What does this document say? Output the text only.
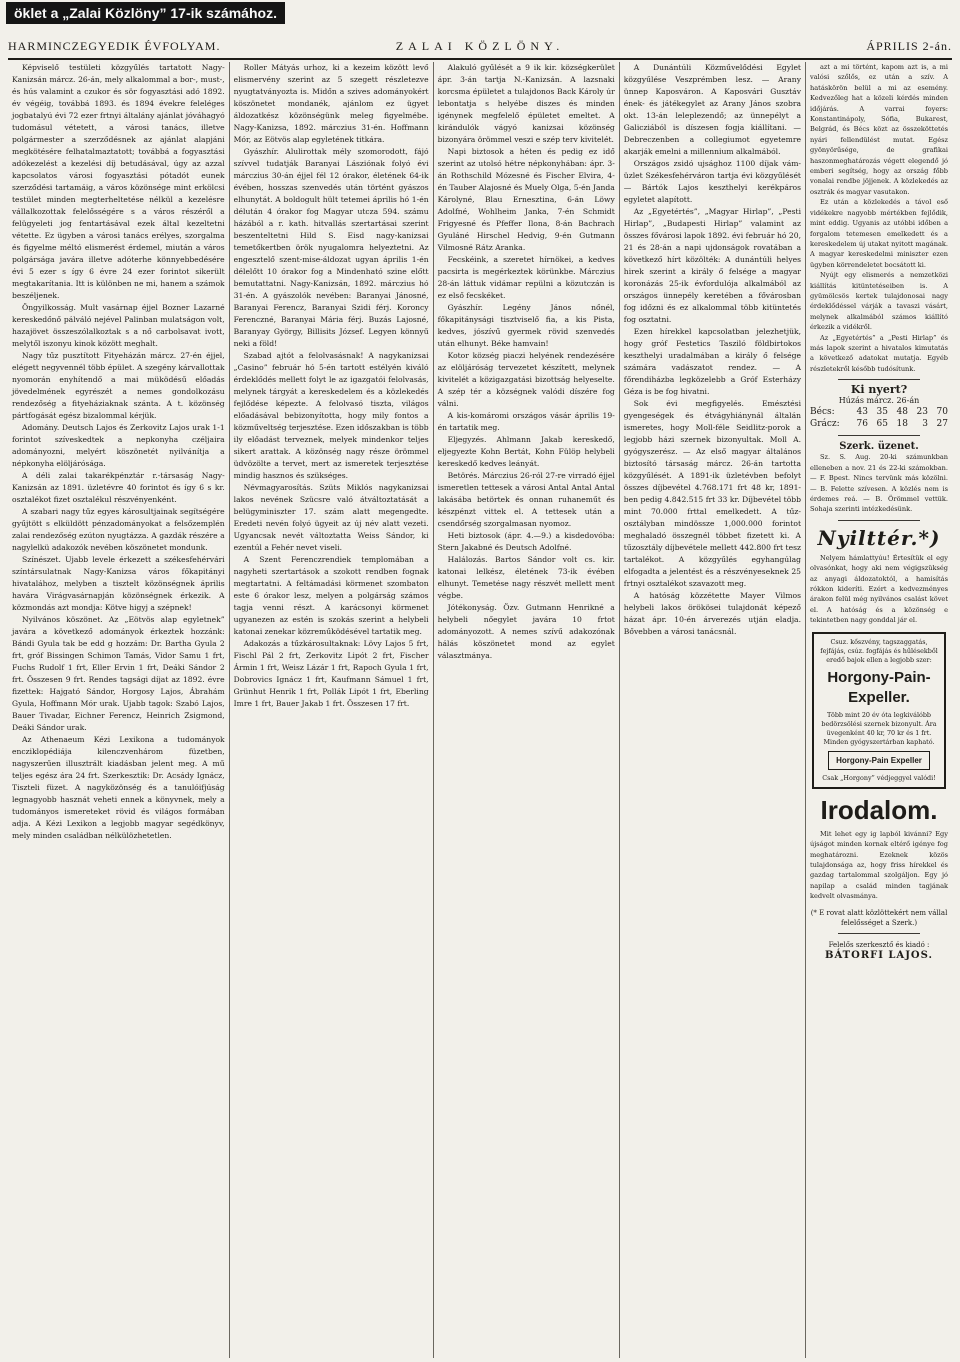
öklet a „Zalai Közlöny” 17-ik számához.
HARMINCZEGYEDIK ÉVFOLYAM.	ZALAI KÖZLÖNY.	ÁPRILIS 2-án.

Képviselő testületi közgyűlés tartatott Nagy-Kanizsán márcz. 26-án, mely alkalommal a bor-, must-, és hús valamint a czukor és sör fogyasztási adó 1892. év végéig, továbbá 1893. és 1894 évekre feleléges jogbatalyú évi 72 ezer frtnyi általány ajánlat jóváhagyó tudomásul vétetett, a városi tanács, illetve polgármester a szerződésnek az ajánlat alapjáni megkötésére felhatalmaztatott; továbbá a fogyasztási adókezelést a kezelési díj betudásával, úgy az azzal kapcsolatos városi fogyasztási pótadót eunek szerződési tartamáig, a város közönsége mint erkölcsi testület minden megterheltetése nélkül a kezelésre vállalkozottak felelősségére s a város részéről a felügyeleti jog fentartásával ezek által kezeltetni vétette. Ez ügyben a városi tanács erélyes, szorgalma és figyelme méltó elismerést érdemel, miután a város polgársága javára illetve adóterhe könnyebbedésére évi 5 ezer s így 6 évre 24 ezer forintot sikerült megtakarítania. Itt is különben ne mi, hanem a számok beszéljenek.

Öngyilkosság. Mult vasárnap éjjel Bozner Lazarné kereskedőnő pálváló nejével Palinban mulatságon volt, hazajövet összeszólalkoztak s a nő carbolsavat ivott, melytől iszonyu kinok között meghalt.

Nagy tűz pusztított Fityeházán márcz. 27-én éjjel, elégett negyvennél több épület. A szegény kárvallottak nyomorán enyhítendő a mai müködésű előadás jövedelmének egyrészét a nemes gondolkozásu rendezőség a fityeháziaknak szánta. A t. közönség pártfogását egész bizalommal kérjük.

Adomány. Deutsch Lajos és Zerkovitz Lajos urak 1-1 forintot szíveskedtek a nepkonyha czéljaira adományozni, melyért köszönetét nyilvánítja a népkonyha elöljárósága.

A déli zalai takarékpénztár r.-társaság Nagy-Kanizsán az 1891. üzletévre 40 forintot és így 6 s kr. osztalékot fizet osztalékul részvényenként.

A szabari nagy tűz egyes károsultjainak segítségére gyűjtött s elküldött pénzadományokat a felsőzemplén zalai rendezőség ezúton nyugtázza. A gazdák részére a nagylelkü adakozók nevében köszönetet mondunk.

Színészet. Ujabb levele érkezett a székesfehérvári színtársulatnak Nagy-Kanizsa város főkapitányi hivatalához, melyben a tisztelt közönségnek április havára Virágvasárnapján közönségnek érkezik. A közmondás azt mondja: Kötve higyj a szépnek!

Nyilvános köszönet. Az „Eötvös alap egyletnek” javára a következő adományok érkeztek hozzánk: Bándi Gyula tak be edd g hozzám: Dr. Bartha Gyula 2 frt, gróf Bissingen Schimon Tamás, Vidor Samu 1 frt, Fuchs Rudolf 1 frt, Eller Ervin 1 frt, Deáki Sándor 2 frt. Összesen 9 frt. Rendes tagsági díjat az 1892. évre fizettek: Hajgató Sándor, Horgosy Lajos, Ábrahám Gyula, Hoffmann Mór urak. Ujabb tagok: Szabó Lajos, Bauer Tivadar, Eichner Ferencz, Heinrich Zsigmond, Deáki Sándor urak.

Az Athenaeum Kézi Lexikona a tudományok encziklopédiája kilenczvenhárom füzetben, nagyszerűen illusztrált kiadásban jelent meg. A mű teljes egész ára 24 frt. Szerkesztik: Dr. Acsády Ignácz, Tiszteli füzet. A nagyközönség és a tanulóifjúság legnagyobb hasznát veheti ennek a könyvnek, mely a tudományos ismereteket rövid és világos formában adja. A Kézi Lexikon a legjobb magyar segédkönyv, mely minden családban nélkülözhetetlen.

Roller Mátyás urhoz, ki a kezeim között levő elismervény szerint az 5 szegett részletezve nyugtatványozta is. Midőn a szives adományokért köszönetet mondanék, ajánlom ez ügyet áldozatkész közönségünk meleg figyelmébe. Nagy-Kanizsa, 1892. márczius 31-én. Hoffmann Mór, az Eötvös alap egyletének titkára.

Gyászhír. Alulirottak mély szomorodott, fájó szívvel tudatják Baranyai Lásziónak folyó évi márczius 30-án éjjel fél 12 órakor, életének 64-ik évében, hosszas szenvedés után történt gyászos elhunytát. A boldogult hült tetemei április hó 1-én délután 4 órakor fog Magyar utcza 594. számu házából a r. kath. hitvallás szertartásai szerint beszenteltetni Hild S. Eisd nagy-kanizsai temetőkertben örök nyugalomra helyeztetni. Az engesztelő szent-mise-áldozat ugyan április 1-én délelőtt 10 órakor fog a Mindenható szine előtt bemutattatni. Nagy-Kanizsán, 1892. márczius hó 31-én. A gyászolók nevében: Baranyai Jánosné, Baranyai Ferencz, Baranyai Szidi férj. Koroncy Ferenczné, Baranyai Mária férj. Buzás Lajosné, Baranyay György, Billisits József. Legyen könnyű neki a föld!

Szabad ajtót a felolvasásnak! A nagykanizsai „Casino” február hó 5-én tartott estélyén kiváló érdeklődés mellett folyt le az igazgatói felolvasás, melynek tárgyát a kereskedelem és a közlekedés fejlődése képezte. A felolvasó tiszta, világos előadásával bebizonyította, hogy mily fontos a közműveltség terjesztése. Ezen időszakban is több ily előadást terveznek, melyek mindenkor teljes sikert arattak. A közönség nagy része örömmel üdvözölte a tervet, mert az ismeretek terjesztése mindig hasznos és szükséges.

Névmagyarosítás. Szüts Miklós nagykanizsai lakos nevének Szücsre való átváltoztatását a belügyminiszter 17. szám alatt megengedte. Eredeti nevén folyó ügyeit az új név alatt vezeti. Ugyancsak nevét változtatta Weiss Sándor, ki ezentúl a Fehér nevet viseli.

A Szent Ferenczrendiek templomában a nagyheti szertartások a szokott rendben fognak megtartatni. A feltámadási körmenet szombaton este 6 órakor lesz, melyen a polgárság számos tagja venni részt. A karácsonyi körmenet ugyanezen az estén is szokás szerint a helybeli katonai zenekar közreműködésével tartatik meg.

Adakozás a tűzkárosultaknak: Lövy Lajos 5 frt, Fischl Pál 2 frt, Zerkovitz Lipót 2 frt, Fischer Ármin 1 frt, Weisz Lázár 1 frt, Rapoch Gyula 1 frt, Dobrovics Ignácz 1 frt, Kaufmann Sámuel 1 frt, Grünhut Henrik 1 frt, Pollák Lipót 1 frt, Eberling Imre 1 frt, Bauer Jakab 1 frt. Összesen 17 frt.

Alakuló gyűlését a 9 ik kir. községkerület ápr. 3-án tartja N.-Kanizsán. A lazsnaki korcsma épületet a tulajdonos Back Károly úr lebontatja s helyébe diszes és minden igénynek megfelelő épületet emeltet. A kirándulók vágyó kanizsai közönség bizonyára örömmel veszi e szép terv kivitelét.

Napi biztosok a héten és pedig ez idő szerint az utolsó hétre népkonyhában: ápr. 3-án Rothschild Mózesné és Fischer Elvira, 4-én Tauber Alajosné és Muely Olga, 5-én Janda Károlyné, Blau Ernesztina, 6-án Löwy Adolfné, Wohlheim Janka, 7-én Schmidt Frigyesné és Pfeffer Ilona, 8-án Bachrach Gyuláné Hirschel Hedvig, 9-én Gutmann Vilmosné Rátz Aranka.

Fecskéink, a szeretet hírnökei, a kedves pacsirta is megérkeztek körünkbe. Márczius 28-án láttuk vidámar repülni a közutczán is ez első fecskéket.

Gyászhír. Legény János nőnél, főkapitánysági tisztviselő fia, a kis Pista, kedves, jószívű gyermek rövid szenvedés után elhunyt. Béke hamvain!

Kotor község piaczi helyének rendezésére az elöljáróság tervezetet készített, melynek kivitelét a közigazgatási bizottság helyeselte. A szép tér a községnek valódi díszére fog válni.

A kis-komáromi országos vásár április 19-én tartatik meg.

Eljegyzés. Ahlmann Jakab kereskedő, eljegyezte Kohn Bertát, Kohn Fülöp helybeli kereskedő kedves leányát.

Betörés. Márczius 26-ról 27-re virradó éjjel ismeretlen tettesek a városi Antal Antal Antal lakásába betörtek és onnan ruhaneműt és készpénzt vittek el. A tettesek után a csendőrség szorgalmasan nyomoz.

Heti biztosok (ápr. 4.—9.) a kisdedovóba: Stern Jakabné és Deutsch Adolfné.

Halálozás. Bartos Sándor volt cs. kir. katonai lelkész, életének 73-ik évében elhunyt. Temetése nagy részvét mellett ment végbe.

Jótékonyság. Özv. Gutmann Henrikné a helybeli nőegylet javára 10 frtot adományozott. A nemes szívű adakozónak hálás köszönetet mond az egylet választmánya.

A Dunántúli Közművelődési Egylet közgyűlése Veszprémben lesz. — Arany ünnep Kaposváron. A Kaposvári Gusztáv ének- és játékegylet az Arany János szobra okt. 13-án leleplezendő; az ünnepélyt a Galicziából is díszesen fogja kiállítani. — Debreczenben a collegiumot egyetemre akarják emelni a millennium alkalmából.

Országos zsidó ujsághoz 1100 díjak vám-üzlet Székesfehérváron tartja évi közgyűlését — Bártók Lajos keszthelyi kerékpáros egyletet alapított.

Az „Egyetértés”, „Magyar Hirlap”, „Pesti Hirlap”, „Budapesti Hirlap” valamint az összes fővárosi lapok 1892. évi február hó 20, 21 és 28-án a napi ujdonságok rovatában a következő hírt közölték: A dunántúli helyes hirek szerint a király ő felsége a magyar koronázás 25-ik évfordulója alkalmából az országos ünnepély keretében a fővárosban fog időzni és ez alkalommal több kitüntetés fog osztatni.

Ezen hírekkel kapcsolatban jelezhetjük, hogy gróf Festetics Tasziló földbirtokos keszthelyi uradalmában a király ő felsége számára vadászatot rendez. — A főrendiházba legközelebb a Gróf Esterházy Géza is be fog hivatni.

Sok évi megfigyelés. Emésztési gyengeségek és étvágyhiánynál általán ismeretes, hogy Moll-féle Seidlitz-porok a legjobb házi szernek bizonyultak. Moll A. gyógyszerész. — Az első magyar általános biztosító társaság márcz. 26-án tartotta közgyűlését. A 1891-ik üzletévben befolyt összes díjbevétel 4.768.171 frt 48 kr, 1891-ben pedig 4.842.515 frt 33 kr. Díjbevétel több mint 70.000 frttal emelkedett. A tűz-osztályban mindössze 1,000.000 forintot meghaladó összegnél többet fizetett ki. A tűzosztály díjbevétele mellett 442.800 frt tesz tartalékot. A közgyűlés egyhangúlag elfogadta a jelentést és a részvényeseknek 25 frtnyi osztalékot szavazott meg.

A hatóság közzétette Mayer Vilmos helybeli lakos örökösei tulajdonát képező házat ápr. 10-én árverezés utján eladja. Bővebben a városi tanácsnál.

azt a mi történt, kapom azt is, a mi valósi szőlős, ez után a szív. A hatáskörön belül a mi az esemény. Kedvezőleg hat a közeli kérdés minden időjárás. A varrai foyers: Konstantinápoly, Sófia, Bukarest, Belgrád, és Bécs közt az összeköttetés nyári fellendülést mutat. Egész gyönyörűsége, de grafikai haszonmeghatározás végett elegendő jó emberi segítség, hogy az ország főbb vonalai rendbe jöjjenek. A közlekedés az osztrák és magyar vasutakon.

Ez után a közlekedés a távol eső vidékekre nagyobb mértékben fejlődik, mint eddig. Ugyanis az utóbbi időben a forgalom tetemesen emelkedett és a kereskedelem új utakat nyitott magának. A magyar kereskedelmi miniszter ezen ügyben körrendeletet bocsátott ki.

Nyújt egy elismerés a nemzetközi kiállítás kitüntetéseiben is. A gyümölcsös kertek tulajdonosai nagy érdeklődéssel várják a tavaszi vásárt, melynek alkalmából számos kiállító érkezik a vidékről.

Az „Egyetértés” a „Pesti Hirlap” és más lapok szerint a hivatalos kimutatás a következő adatokat mutatja. Egyéb részletekről később tudósítunk.

Ki nyert?
Húzás márcz. 26-án
Bécs:	43 35 48 23 70
Grácz:	76 65 18	3 27
Szerk. üzenet.

Sz. S. Aug. 20-ki számunkban elleneben a nov. 21 és 22-ki számokban. — F. Bpest. Nincs tervünk más közölni. — B. Felette szívesen. A közlés nem is érdemes reá. — B. Örömmel vettük. Sohaja szerinti intézkedésünk.

Nyilttér.*)

Nelyem hámlattyúu! Értesítük el egy olvasónkat, hogy aki nem végigszükség az anyagi áldozatoktól, a hamisítás rókkon kideríti. Ezért a kedvezményes árakon felül még nyilvános csalást követ el. A hatóság és a közönség e tekintetben nagy gonddal jár el.

Csuz. kőszvény, tagszaggatás, fejfájás, csúz. fogfájás és hűlésekből eredő bajok ellen a legjobb szer:
Horgony-Pain-Expeller.
Több mint 20 év óta legkiválóbb bedörzsölési szernek bizonyult. Ára üvegenként 40 kr, 70 kr és 1 frt. Minden gyógyszertárban kapható.
Horgony-Pain Expeller
Csak „Horgony” védjeggyel valódi!
Irodalom.

Mit lehet egy ig lapból kivánni? Egy újságot minden kornak eltérő igénye fog meghatározni. Ezeknek közös tulajdonsága az, hogy friss hírekkel és gazdag tartalommal szolgáljon. Egy jó napilap a család minden tagjának kedvelt olvasmánya.

(* E rovat alatt közlöttekért nem vállal felelősséget a Szerk.)
Felelős szerkesztő és kiadó :
BÁTORFI LAJOS.
